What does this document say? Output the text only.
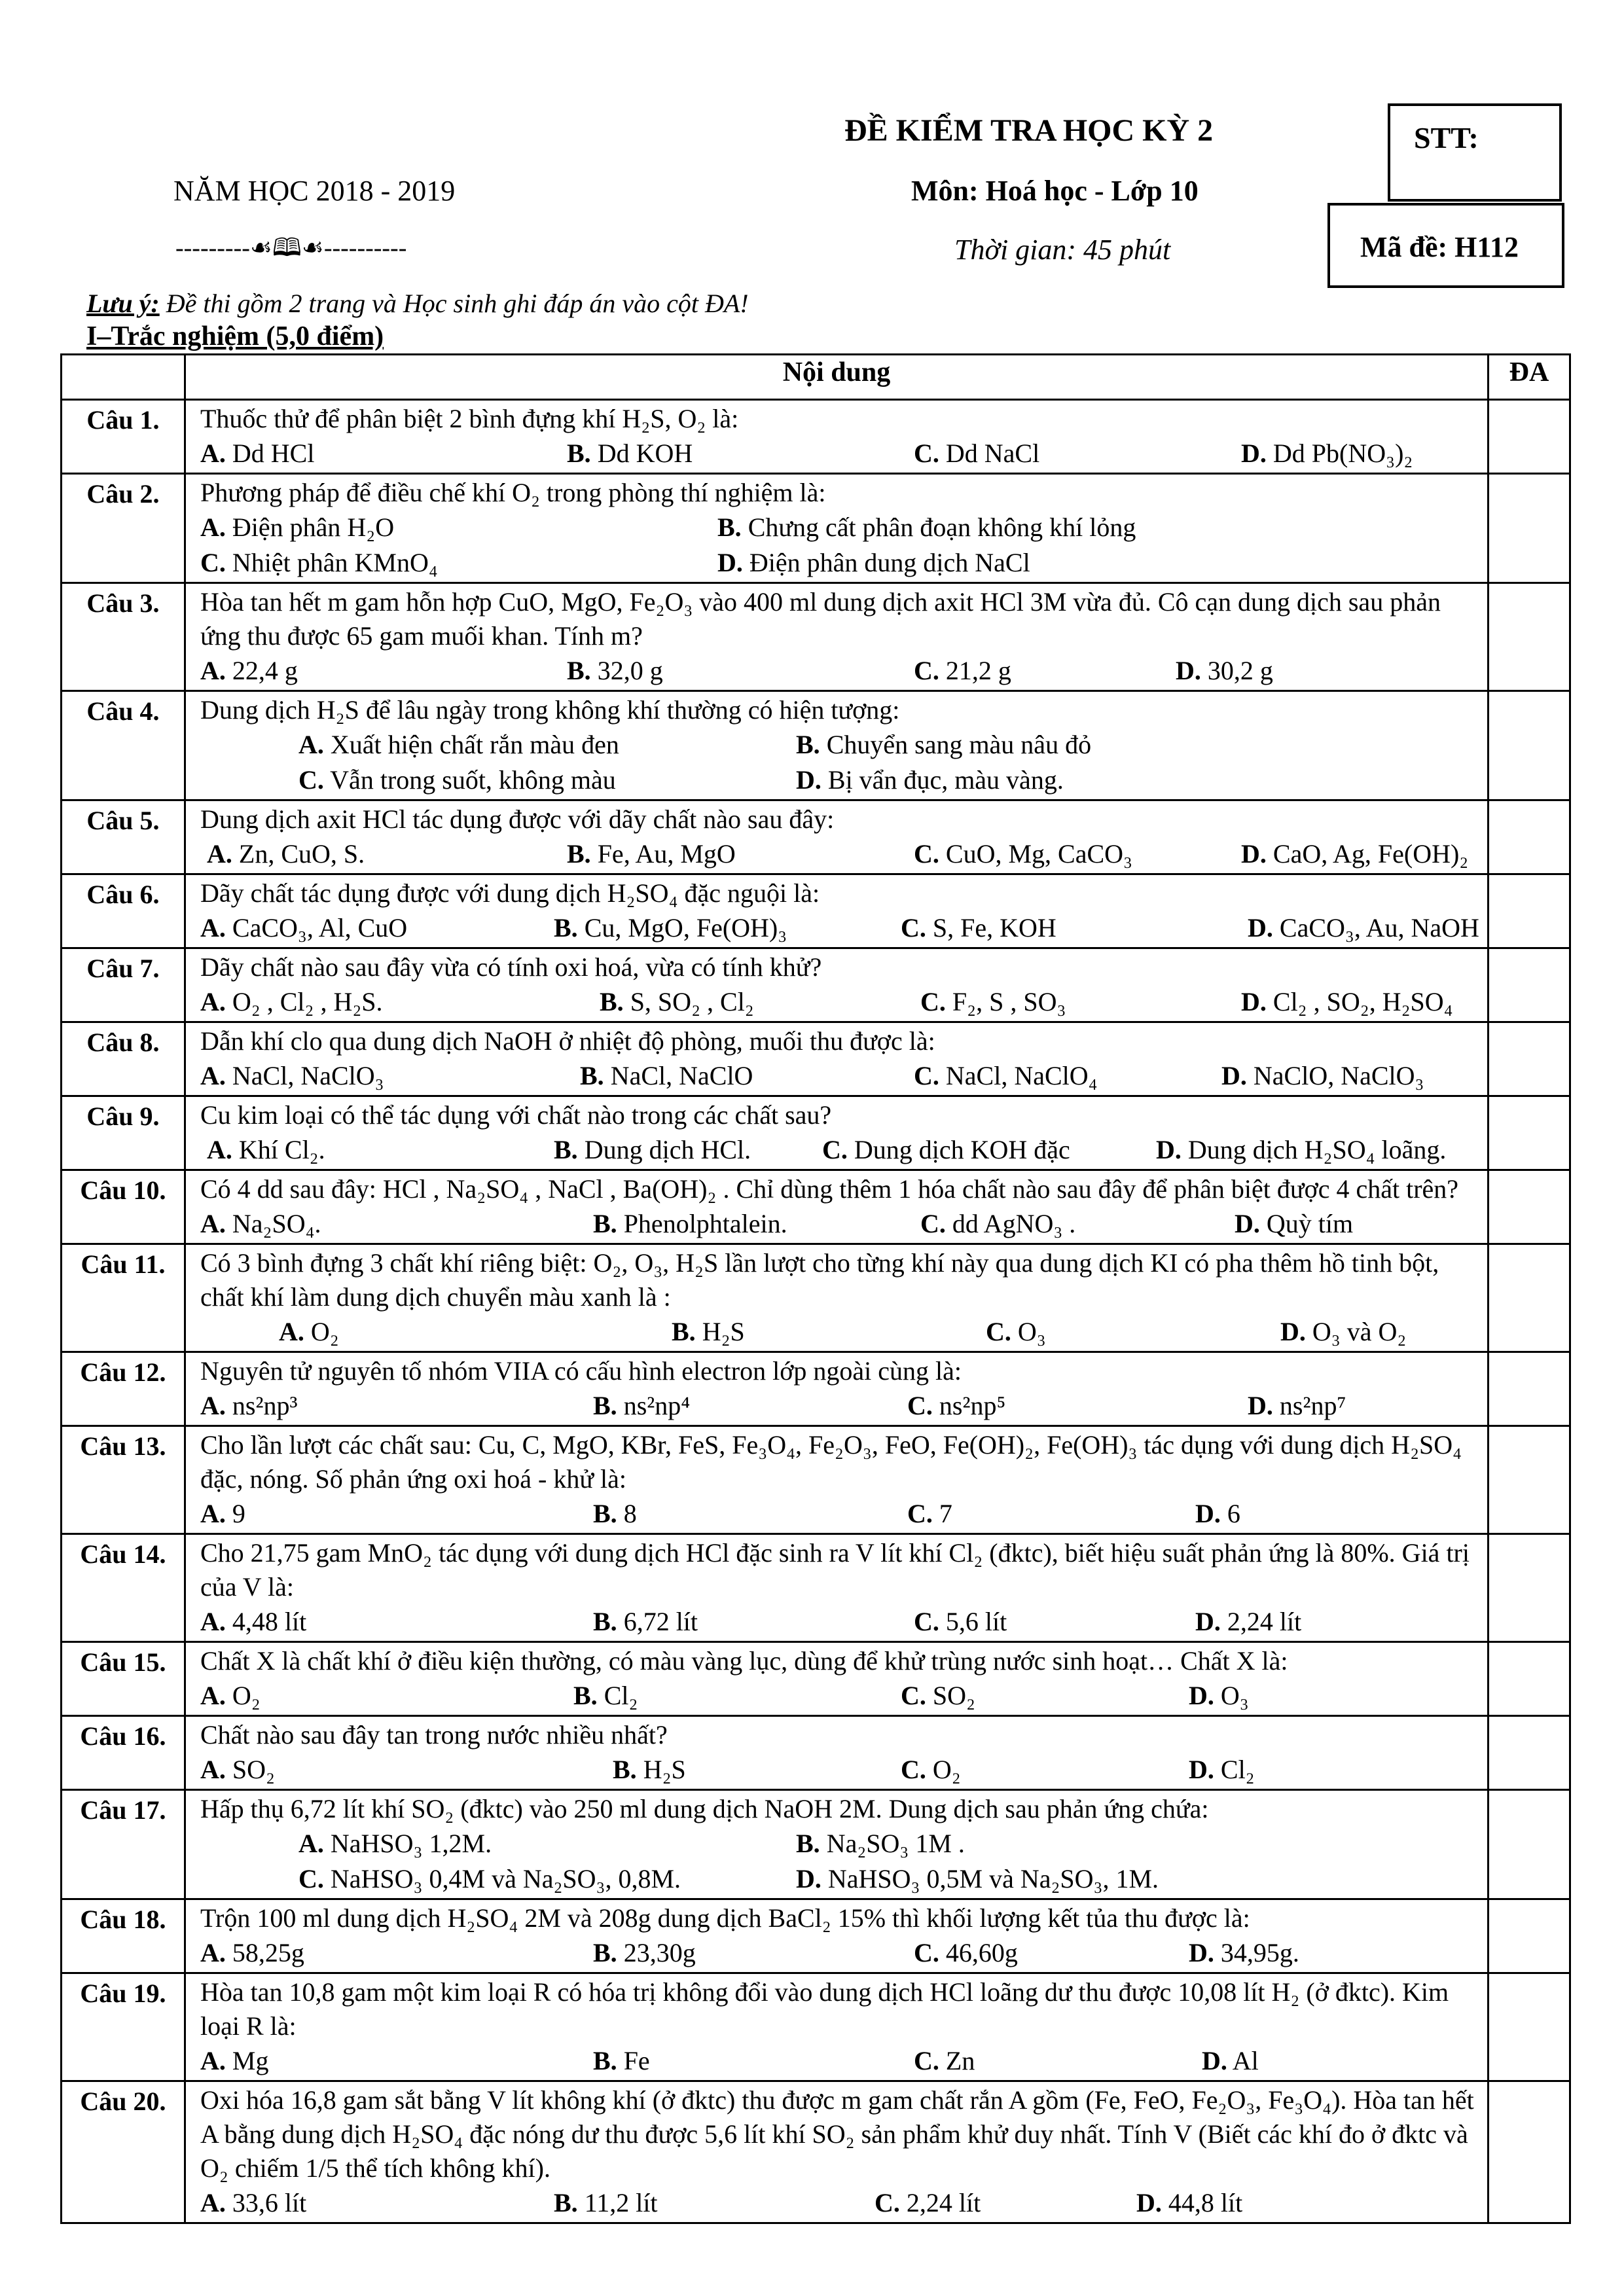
ĐỀ KIỂM TRA HỌC KỲ 2
NĂM HỌC 2018 - 2019	Môn: Hoá học - Lớp 10
---------☙🕮☙----------	Thời gian: 45 phút
STT:
Mã đề: H112
Lưu ý: Đề thi gồm 2 trang và Học sinh ghi đáp án vào cột ĐA!
I–Trắc nghiệm (5,0 điểm)
	Nội dung	ĐA
Câu 1.	Thuốc thử để phân biệt 2 bình đựng khí H₂S, O₂ là:
A. Dd HCl B. Dd KOH C. Dd NaCl D. Dd Pb(NO₃)₂	

Câu 2.	Phương pháp để điều chế khí O₂ trong phòng thí nghiệm là:
A. Điện phân H₂O B. Chưng cất phân đoạn không khí lỏng
C. Nhiệt phân KMnO₄ D. Điện phân dung dịch NaCl	

Câu 3.	Hòa tan hết m gam hỗn hợp CuO, MgO, Fe₂O₃ vào 400 ml dung dịch axit HCl 3M vừa đủ. Cô cạn dung dịch sau phản ứng thu được 65 gam muối khan. Tính m?
A. 22,4 g B. 32,0 g C. 21,2 g D. 30,2 g	

Câu 4.	Dung dịch H₂S để lâu ngày trong không khí thường có hiện tượng:
A. Xuất hiện chất rắn màu đen B. Chuyển sang màu nâu đỏ
C. Vẫn trong suốt, không màu D. Bị vẩn đục, màu vàng.	

Câu 5.	Dung dịch axit HCl tác dụng được với dãy chất nào sau đây:
A. Zn, CuO, S. B. Fe, Au, MgO C. CuO, Mg, CaCO₃ D. CaO, Ag, Fe(OH)₂	

Câu 6.	Dãy chất tác dụng được với dung dịch H₂SO₄ đặc nguội là:
A. CaCO₃, Al, CuO B. Cu, MgO, Fe(OH)₃ C. S, Fe, KOH D. CaCO₃, Au, NaOH	

Câu 7.	Dãy chất nào sau đây vừa có tính oxi hoá, vừa có tính khử?
A. O₂ , Cl₂ , H₂S. B. S, SO₂ , Cl₂ C. F₂, S , SO₃ D. Cl₂ , SO₂, H₂SO₄	

Câu 8.	Dẫn khí clo qua dung dịch NaOH ở nhiệt độ phòng, muối thu được là:
A. NaCl, NaClO₃ B. NaCl, NaClO C. NaCl, NaClO₄ D. NaClO, NaClO₃	

Câu 9.	Cu kim loại có thể tác dụng với chất nào trong các chất sau?
A. Khí Cl₂. B. Dung dịch HCl. C. Dung dịch KOH đặc D. Dung dịch H₂SO₄ loãng.	

Câu 10.	Có 4 dd sau đây: HCl , Na₂SO₄ , NaCl , Ba(OH)₂ . Chỉ dùng thêm 1 hóa chất nào sau đây để phân biệt được 4 chất trên?
A. Na₂SO₄. B. Phenolphtalein. C. dd AgNO₃ . D. Quỳ tím	

Câu 11.	Có 3 bình đựng 3 chất khí riêng biệt: O₂, O₃, H₂S lần lượt cho từng khí này qua dung dịch KI có pha thêm hồ tinh bột, chất khí làm dung dịch chuyển màu xanh là :
A. O₂ B. H₂S C. O₃ D. O₃ và O₂	

Câu 12.	Nguyên tử nguyên tố nhóm VIIA có cấu hình electron lớp ngoài cùng là:
A. ns²np³ B. ns²np⁴ C. ns²np⁵ D. ns²np⁷	

Câu 13.	Cho lần lượt các chất sau: Cu, C, MgO, KBr, FeS, Fe₃O₄, Fe₂O₃, FeO, Fe(OH)₂, Fe(OH)₃ tác dụng với dung dịch H₂SO₄ đặc, nóng. Số phản ứng oxi hoá - khử là:
A. 9 B. 8 C. 7 D. 6	

Câu 14.	Cho 21,75 gam MnO₂ tác dụng với dung dịch HCl đặc sinh ra V lít khí Cl₂ (đktc), biết hiệu suất phản ứng là 80%. Giá trị của V là:
A. 4,48 lít B. 6,72 lít C. 5,6 lít D. 2,24 lít	

Câu 15.	Chất X là chất khí ở điều kiện thường, có màu vàng lục, dùng để khử trùng nước sinh hoạt… Chất X là:
A. O₂ B. Cl₂ C. SO₂ D. O₃	

Câu 16.	Chất nào sau đây tan trong nước nhiều nhất?
A. SO₂ B. H₂S C. O₂ D. Cl₂	

Câu 17.	Hấp thụ 6,72 lít khí SO₂ (đktc) vào 250 ml dung dịch NaOH 2M. Dung dịch sau phản ứng chứa:
A. NaHSO₃ 1,2M. B. Na₂SO₃ 1M .
C. NaHSO₃ 0,4M và Na₂SO₃, 0,8M. D. NaHSO₃ 0,5M và Na₂SO₃, 1M.	

Câu 18.	Trộn 100 ml dung dịch H₂SO₄ 2M và 208g dung dịch BaCl₂ 15% thì khối lượng kết tủa thu được là:
A. 58,25g B. 23,30g C. 46,60g D. 34,95g.	

Câu 19.	Hòa tan 10,8 gam một kim loại R có hóa trị không đổi vào dung dịch HCl loãng dư thu được 10,08 lít H₂ (ở đktc). Kim loại R là:
A. Mg B. Fe C. Zn D. Al	

Câu 20.	Oxi hóa 16,8 gam sắt bằng V lít không khí (ở đktc) thu được m gam chất rắn A gồm (Fe, FeO, Fe₂O₃, Fe₃O₄). Hòa tan hết A bằng dung dịch H₂SO₄ đặc nóng dư thu được 5,6 lít khí SO₂ sản phẩm khử duy nhất. Tính V (Biết các khí đo ở đktc và O₂ chiếm 1/5 thể tích không khí).
A. 33,6 lít B. 11,2 lít C. 2,24 lít D. 44,8 lít	
